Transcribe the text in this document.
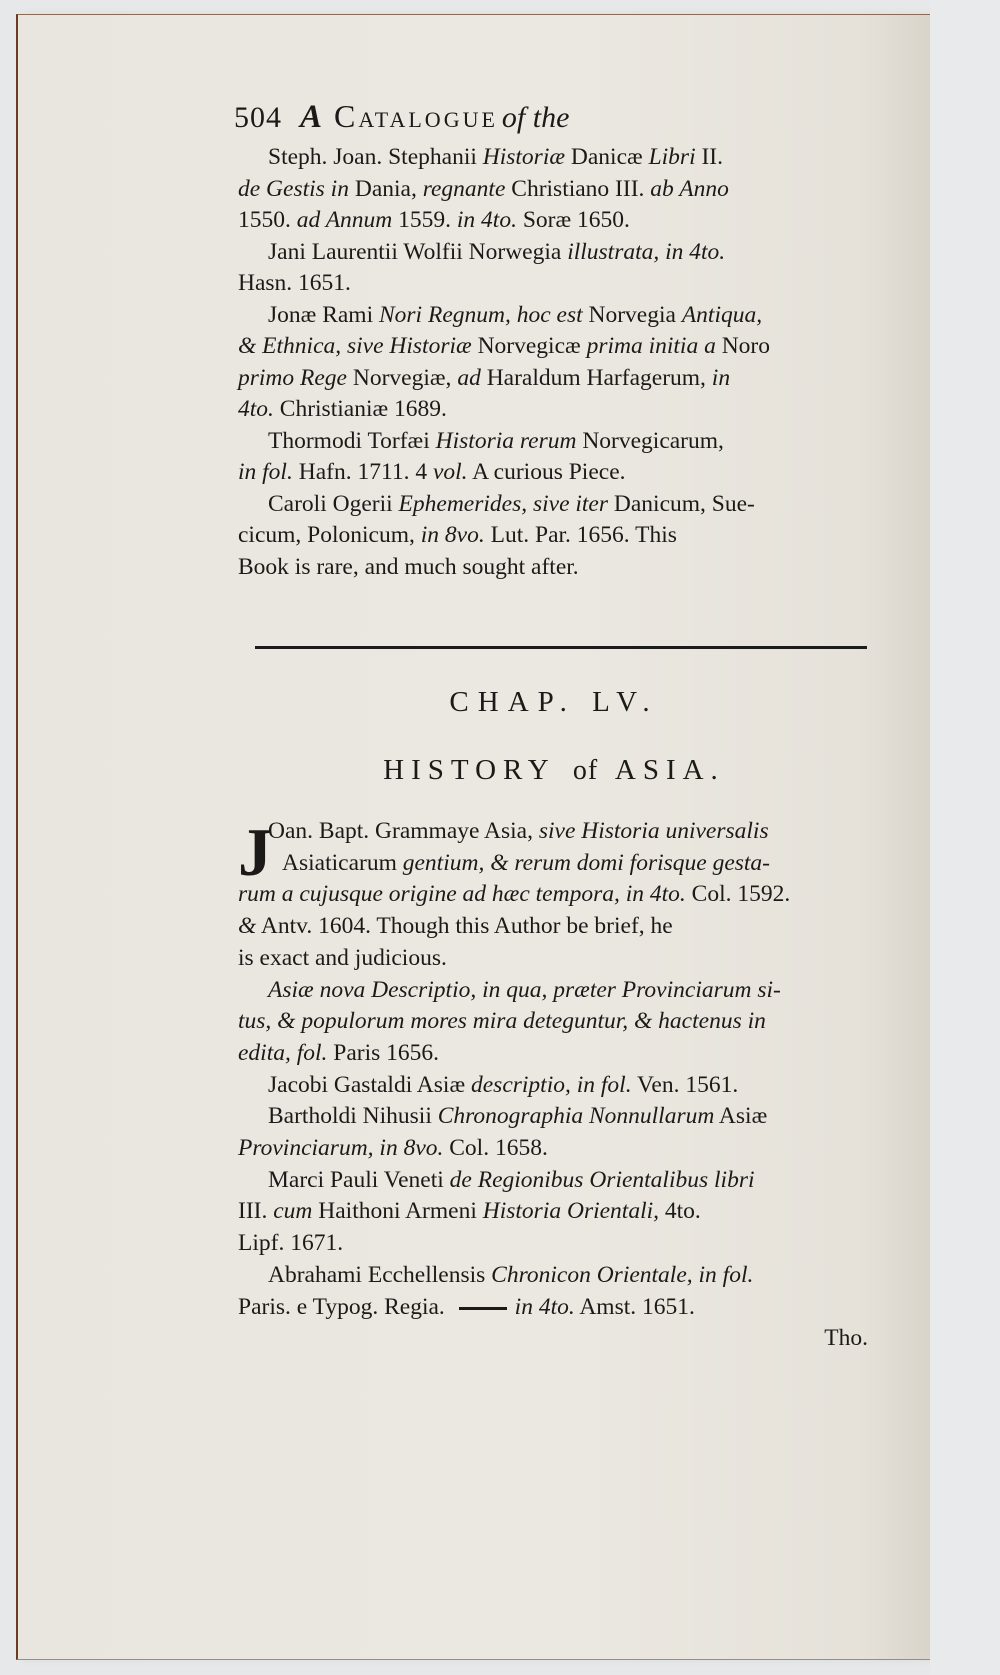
504 A Catalogue of the
Steph. Joan. Stephanii Historiæ Danicæ Libri II.
de Gestis in Dania, regnante Christiano III. ab Anno
1550. ad Annum 1559. in 4to. Soræ 1650.
Jani Laurentii Wolfii Norwegia illustrata, in 4to.
Hasn. 1651.
Jonæ Rami Nori Regnum, hoc est Norvegia Antiqua,
& Ethnica, sive Historiæ Norvegicæ prima initia a Noro
primo Rege Norvegiæ, ad Haraldum Harfagerum, in
4to. Christianiæ 1689.
Thormodi Torfæi Historia rerum Norvegicarum,
in fol. Hafn. 1711. 4 vol. A curious Piece.
Caroli Ogerii Ephemerides, sive iter Danicum, Sue-
cicum, Polonicum, in 8vo. Lut. Par. 1656. This
Book is rare, and much sought after.
CHAP. LV.
HISTORY of ASIA.
J
Oan. Bapt. Grammaye Asia, sive Historia universalis
Asiaticarum gentium, & rerum domi forisque gesta-
rum a cujusque origine ad hæc tempora, in 4to. Col. 1592.
& Antv. 1604. Though this Author be brief, he
is exact and judicious.
Asiæ nova Descriptio, in qua, præter Provinciarum si-
tus, & populorum mores mira deteguntur, & hactenus in
edita, fol. Paris 1656.
Jacobi Gastaldi Asiæ descriptio, in fol. Ven. 1561.
Bartholdi Nihusii Chronographia Nonnullarum Asiæ
Provinciarum, in 8vo. Col. 1658.
Marci Pauli Veneti de Regionibus Orientalibus libri
III. cum Haithoni Armeni Historia Orientali, 4to.
Lipf. 1671.
Abrahami Ecchellensis Chronicon Orientale, in fol.
Paris. e Typog. Regia.	in 4to. Amst. 1651.
Tho.
